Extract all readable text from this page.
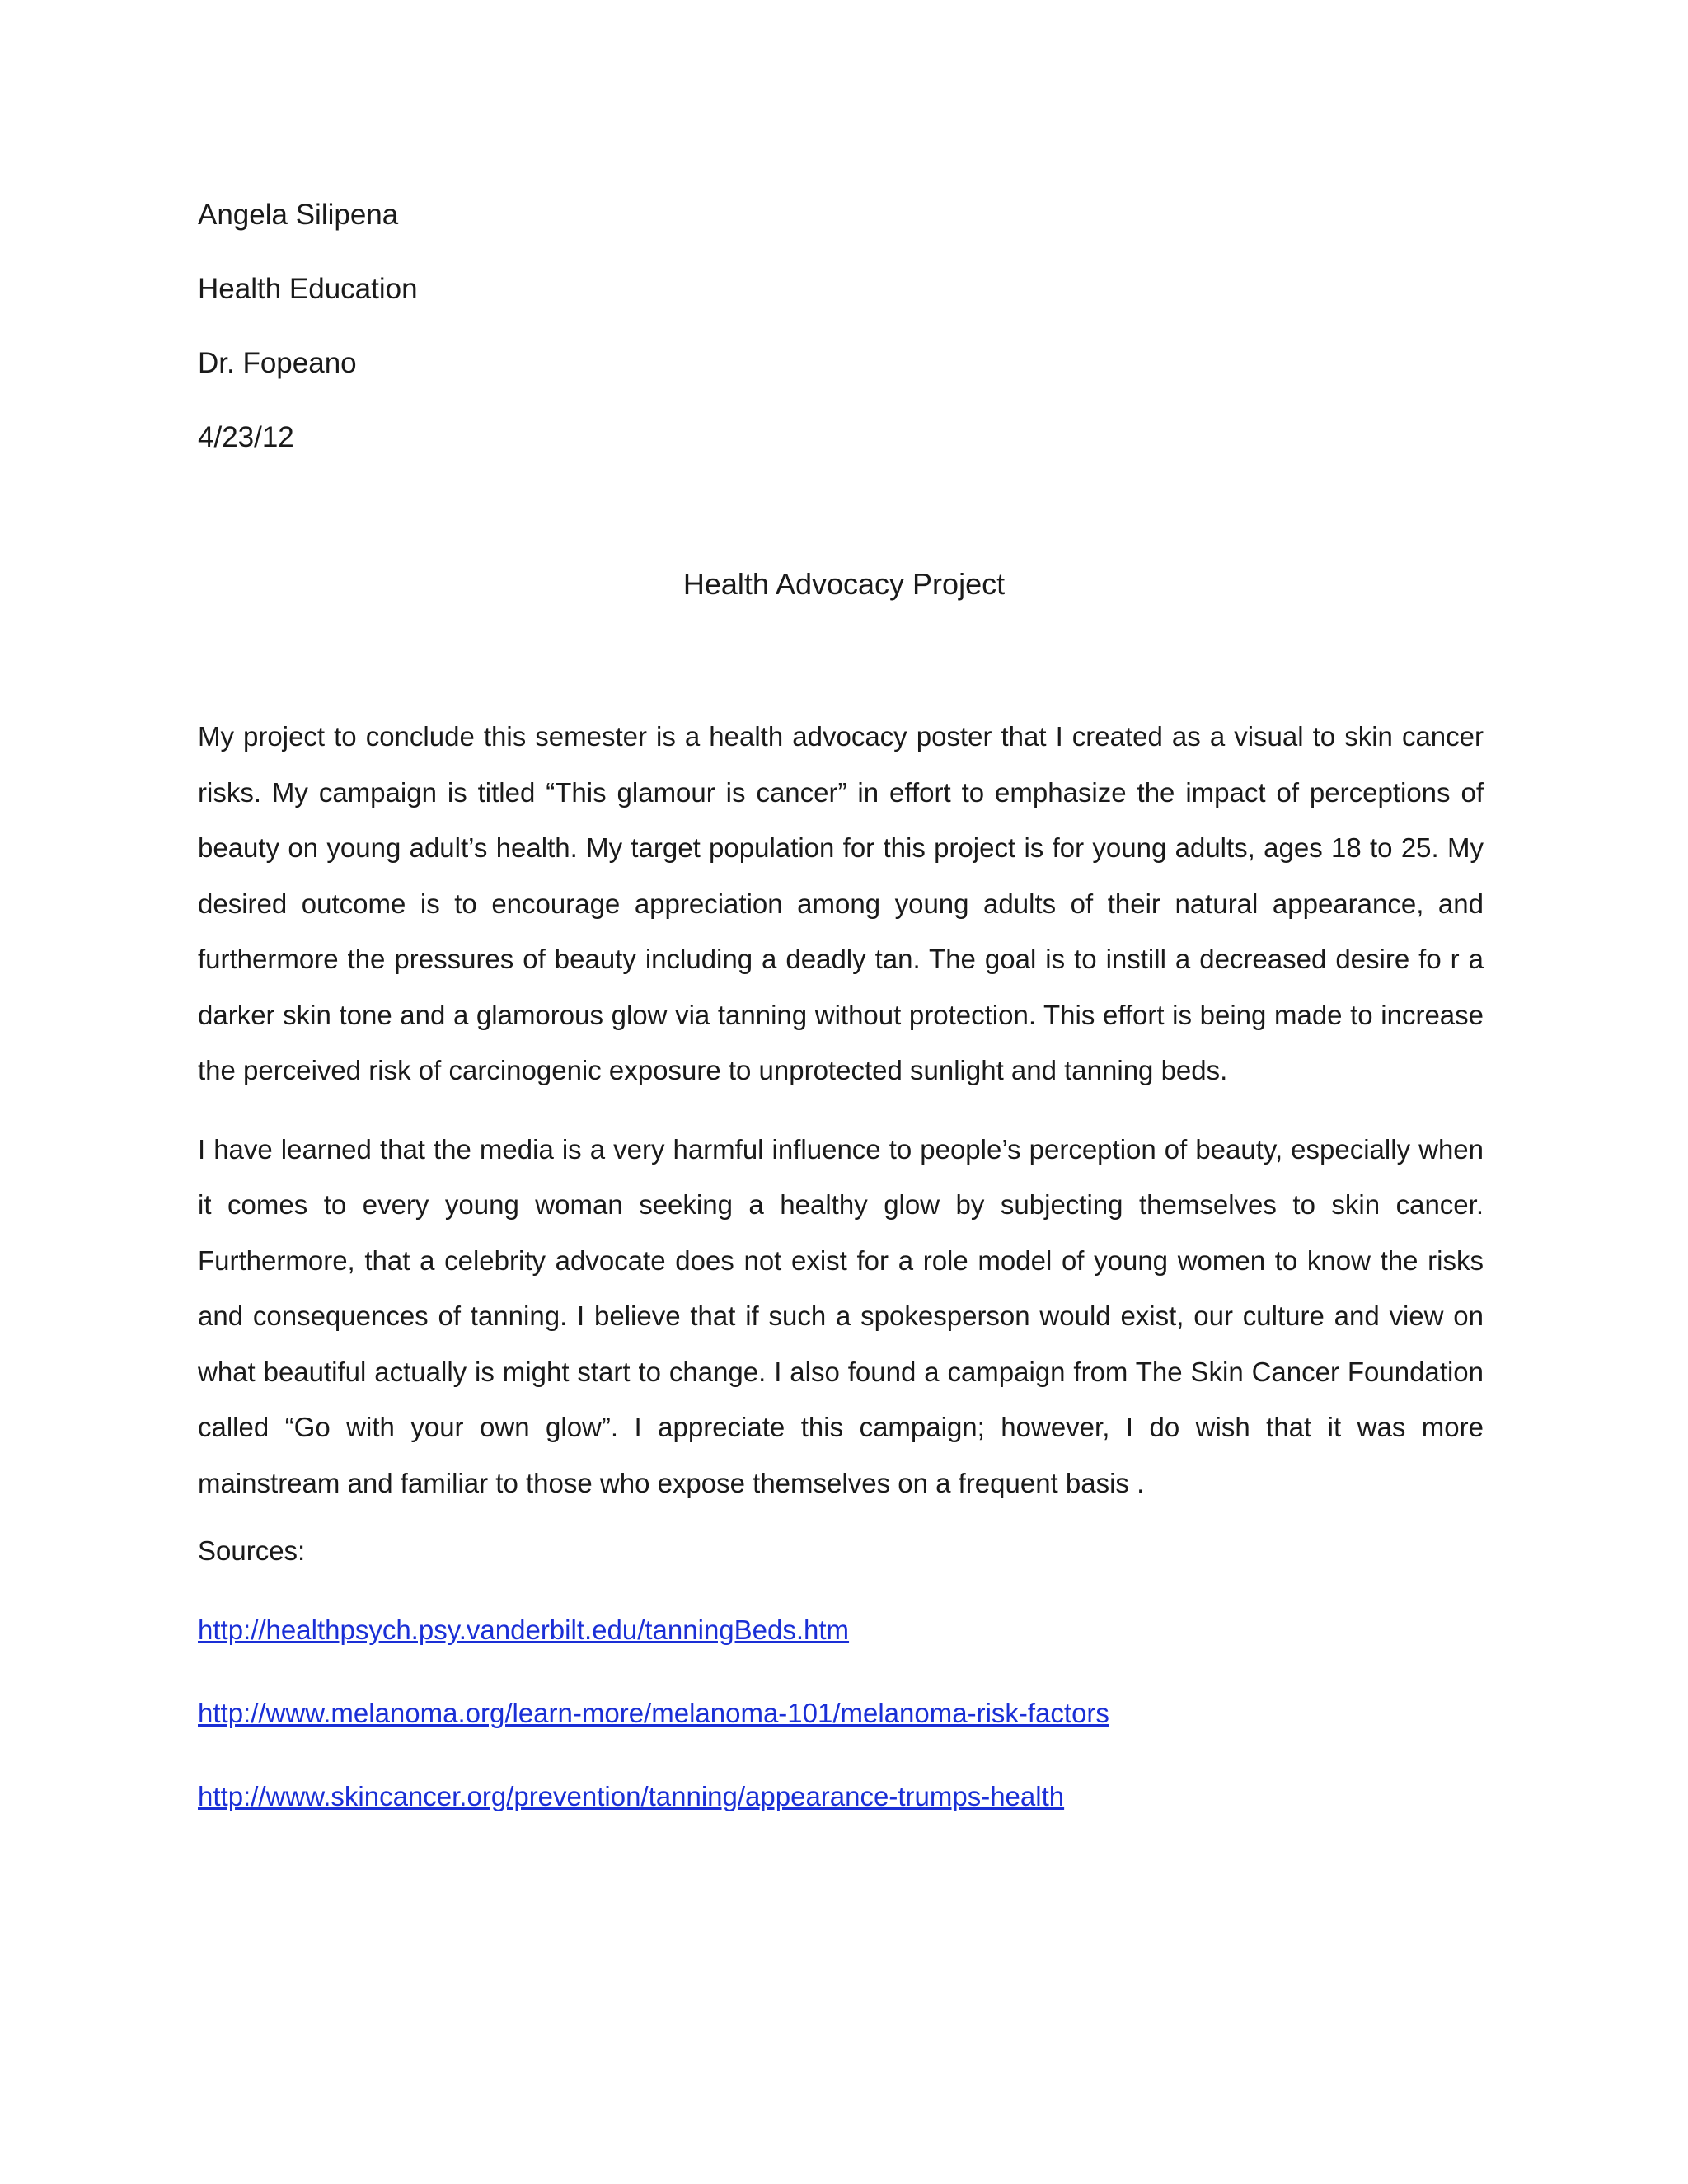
Angela Silipena

Health Education

Dr. Fopeano

4/23/12

Health Advocacy Project

My project to conclude this semester is a health advocacy poster that I created as a visual to skin cancer risks. My campaign is titled “This glamour is cancer” in effort to emphasize the impact of perceptions of beauty on young adult’s health. My target population for this project is for young adults, ages 18 to 25. My desired outcome is to encourage appreciation among young adults of their natural appearance, and furthermore the pressures of beauty including a deadly tan. The goal is to instill a decreased desire fo r a darker skin tone and a glamorous glow via tanning without protection. This effort is being made to increase the perceived risk of carcinogenic exposure to unprotected sunlight and tanning beds.

I have learned that the media is a very harmful influence to people’s perception of beauty, especially when it comes to every young woman seeking a healthy glow by subjecting themselves to skin cancer. Furthermore, that a celebrity advocate does not exist for a role model of young women to know the risks and consequences of tanning. I believe that if such a spokesperson would exist, our culture and view on what beautiful actually is might start to change. I also found a campaign from The Skin Cancer Foundation called “Go with your own glow”. I appreciate this campaign; however, I do wish that it was more mainstream and familiar to those who expose themselves on a frequent basis .

Sources:

http://healthpsych.psy.vanderbilt.edu/tanningBeds.htm
http://www.melanoma.org/learn-more/melanoma-101/melanoma-risk-factors
http://www.skincancer.org/prevention/tanning/appearance-trumps-health
